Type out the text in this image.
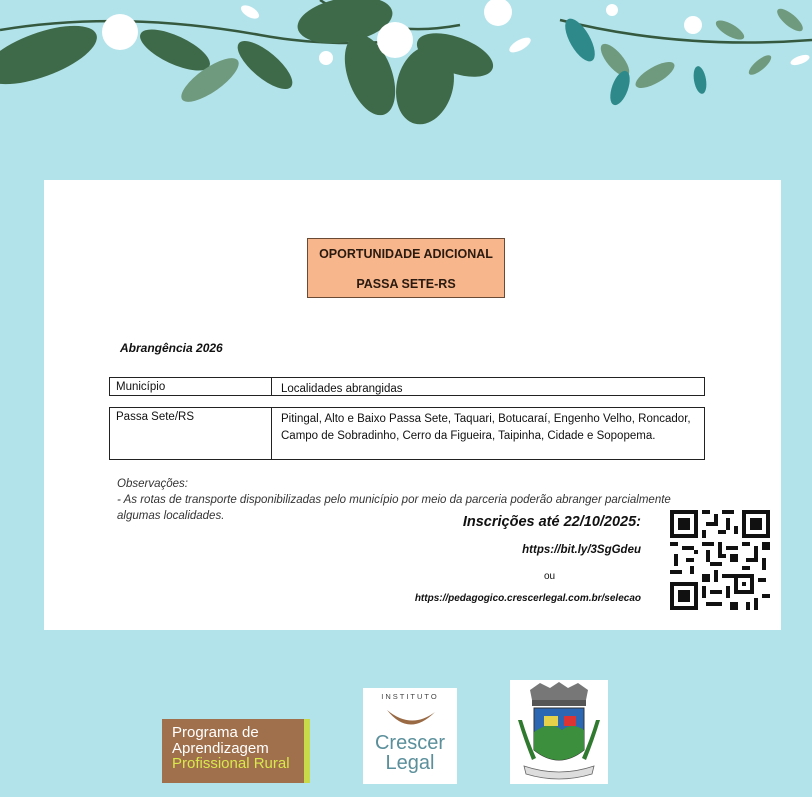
OPORTUNIDADE ADICIONAL
PASSA SETE-RS
Abrangência 2026
Município	Localidades abrangidas
Passa Sete/RS	Pitingal, Alto e Baixo Passa Sete, Taquari, Botucaraí, Engenho Velho, Roncador, Campo de Sobradinho, Cerro da Figueira, Taipinha, Cidade e Sopopema.
Observações:
- As rotas de transporte disponibilizadas pelo município por meio da parceria poderão abranger parcialmente algumas localidades.	Inscrições até 22/10/2025:
https://bit.ly/3SgGdeu
ou
https://pedagogico.crescerlegal.com.br/selecao
Programa de
Aprendizagem
Profissional Rural
INSTITUTO
Crescer
Legal
